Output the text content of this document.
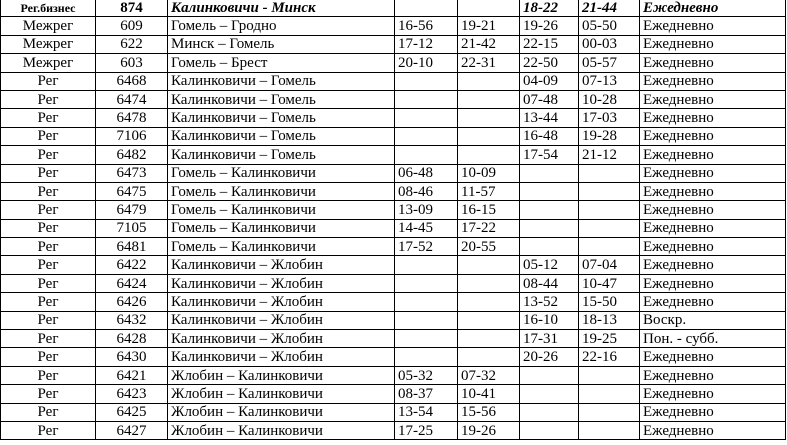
Рег.бизнес	874	Калинковичи - Минск			18-22	21-44	Ежедневно
Межрег	609	Гомель – Гродно	16-56	19-21	19-26	05-50	Ежедневно
Межрег	622	Минск – Гомель	17-12	21-42	22-15	00-03	Ежедневно
Межрег	603	Гомель – Брест	20-10	22-31	22-50	05-57	Ежедневно
Рег	6468	Калинковичи – Гомель			04-09	07-13	Ежедневно
Рег	6474	Калинковичи – Гомель			07-48	10-28	Ежедневно
Рег	6478	Калинковичи – Гомель			13-44	17-03	Ежедневно
Рег	7106	Калинковичи – Гомель			16-48	19-28	Ежедневно
Рег	6482	Калинковичи – Гомель			17-54	21-12	Ежедневно
Рег	6473	Гомель – Калинковичи	06-48	10-09			Ежедневно
Рег	6475	Гомель – Калинковичи	08-46	11-57			Ежедневно
Рег	6479	Гомель – Калинковичи	13-09	16-15			Ежедневно
Рег	7105	Гомель – Калинковичи	14-45	17-22			Ежедневно
Рег	6481	Гомель – Калинковичи	17-52	20-55			Ежедневно
Рег	6422	Калинковичи – Жлобин			05-12	07-04	Ежедневно
Рег	6424	Калинковичи – Жлобин			08-44	10-47	Ежедневно
Рег	6426	Калинковичи – Жлобин			13-52	15-50	Ежедневно
Рег	6432	Калинковичи – Жлобин			16-10	18-13	Воскр.
Рег	6428	Калинковичи – Жлобин			17-31	19-25	Пон. - субб.
Рег	6430	Калинковичи – Жлобин			20-26	22-16	Ежедневно
Рег	6421	Жлобин – Калинковичи	05-32	07-32			Ежедневно
Рег	6423	Жлобин – Калинковичи	08-37	10-41			Ежедневно
Рег	6425	Жлобин – Калинковичи	13-54	15-56			Ежедневно
Рег	6427	Жлобин – Калинковичи	17-25	19-26			Ежедневно
